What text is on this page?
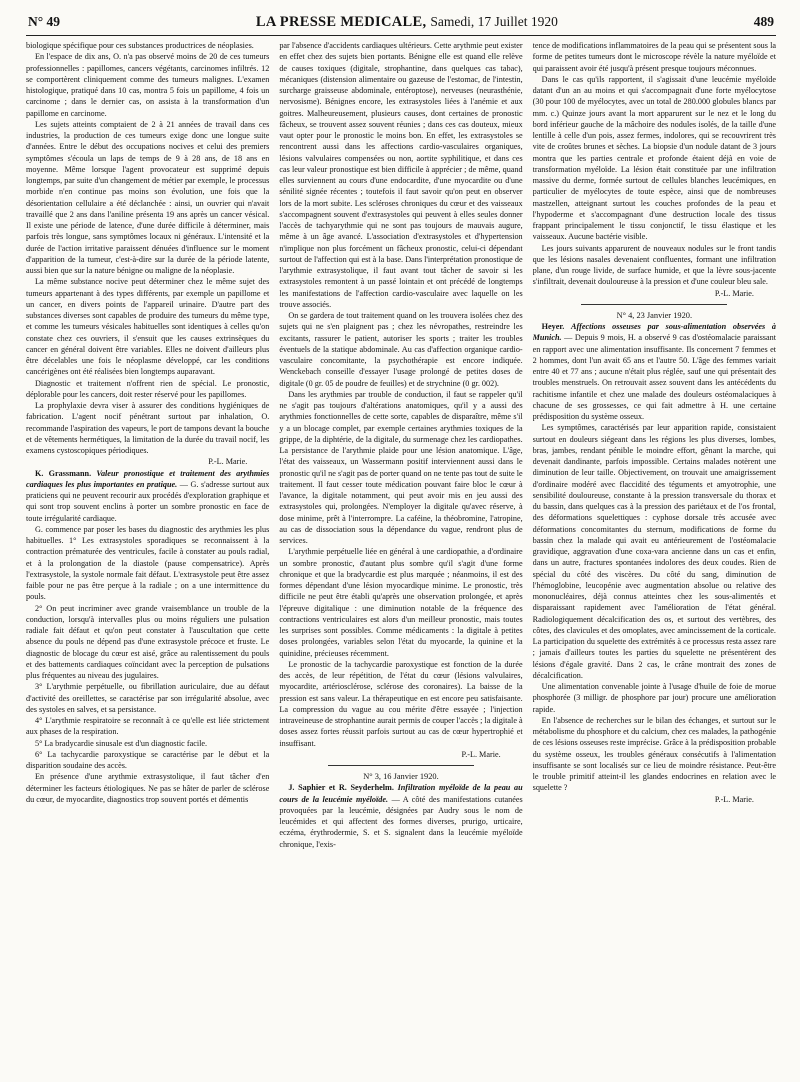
N° 49	LA PRESSE MEDICALE, Samedi, 17 Juillet 1920	489

biologique spécifique pour ces substances productrices de néoplasies.

En l'espace de dix ans, O. n'a pas observé moins de 20 de ces tumeurs professionnelles : papillomes, cancers végétants, carcinomes infiltrés. 12 se comportèrent cliniquement comme des tumeurs malignes. L'examen histologique, pratiqué dans 10 cas, montra 5 fois un papillome, 4 fois un carcinome ; dans le dernier cas, on assista à la transformation d'un papillome en carcinome.

Les sujets atteints comptaient de 2 à 21 années de travail dans ces industries, la production de ces tumeurs exige donc une longue suite d'années. Entre le début des occupations nocives et celui des premiers symptômes s'écoula un laps de temps de 9 à 28 ans, de 18 ans en moyenne. Même lorsque l'agent provocateur est supprimé depuis longtemps, par suite d'un changement de métier par exemple, le processus morbide n'en continue pas moins son évolution, une fois que la désorientation cellulaire a été déclanchée : ainsi, un ouvrier qui n'avait travaillé que 2 ans dans l'aniline présenta 19 ans après un cancer vésical. Il existe une période de latence, d'une durée difficile à déterminer, mais parfois très longue, sans symptômes locaux ni généraux. L'intensité et la durée de l'action irritative paraissent dénuées d'influence sur le moment d'apparition de la tumeur, c'est-à-dire sur la durée de la période latente, aussi bien que sur la nature bénigne ou maligne de la néoplasie.

La même substance nocive peut déterminer chez le même sujet des tumeurs appartenant à des types différents, par exemple un papillome et un cancer, en divers points de l'appareil urinaire. D'autre part des substances diverses sont capables de produire des tumeurs du même type, et comme les tumeurs vésicales habituelles sont identiques à celles qu'on constate chez ces ouvriers, il s'ensuit que les causes extrinsèques du cancer en général doivent être variables. Elles ne doivent d'ailleurs plus être décelables une fois le néoplasme développé, car les conditions cancérigènes ont été réalisées bien longtemps auparavant.

Diagnostic et traitement n'offrent rien de spécial. Le pronostic, déplorable pour les cancers, doit rester réservé pour les papillomes.

La prophylaxie devra viser à assurer des conditions hygiéniques de fabrication. L'agent nocif pénétrant surtout par inhalation, O. recommande l'aspiration des vapeurs, le port de tampons devant la bouche et de vêtements hermétiques, la limitation de la durée du travail nocif, les examens cystoscopiques périodiques.

P.-L. Marie.

K. Grassmann. Valeur pronostique et traitement des arythmies cardiaques les plus importantes en pratique. — G. s'adresse surtout aux praticiens qui ne peuvent recourir aux procédés d'exploration graphique et qui sont trop souvent enclins à porter un sombre pronostic en face de toute irrégularité cardiaque.

G. commence par poser les bases du diagnostic des arythmies les plus habituelles. 1° Les extrasystoles sporadiques se reconnaissent à la contraction prématurée des ventricules, facile à constater au pouls radial, et à la prolongation de la diastole (pause compensatrice). Après l'extrasystole, la systole normale fait défaut. L'extrasystole peut être assez faible pour ne pas être perçue à la radiale ; on a une intermittence du pouls.

2° On peut incriminer avec grande vraisemblance un trouble de la conduction, lorsqu'à intervalles plus ou moins réguliers une pulsation radiale fait défaut et qu'on peut constater à l'auscultation que cette absence du pouls ne dépend pas d'une extrasystole précoce et fruste. Le diagnostic de blocage du cœur est aisé, grâce au ralentissement du pouls et des battements cardiaques coïncidant avec la perception de pulsations plus fréquentes au niveau des jugulaires.

3° L'arythmie perpétuelle, ou fibrillation auriculaire, due au défaut d'activité des oreillettes, se caractérise par son irrégularité absolue, avec des systoles en salves, et sa persistance.

4° L'arythmie respiratoire se reconnaît à ce qu'elle est liée strictement aux phases de la respiration.

5° La bradycardie sinusale est d'un diagnostic facile.

6° La tachycardie paroxystique se caractérise par le début et la disparition soudaine des accès.

En présence d'une arythmie extrasystolique, il faut tâcher d'en déterminer les facteurs étiologiques. Ne pas se hâter de parler de sclérose du cœur, de myocardite, diagnostics trop souvent portés et démentis

par l'absence d'accidents cardiaques ultérieurs. Cette arythmie peut exister en effet chez des sujets bien portants. Bénigne elle est quand elle relève de causes toxiques (digitale, strophantine, dans quelques cas tabac), mécaniques (distension alimentaire ou gazeuse de l'estomac, de l'intestin, surcharge graisseuse abdominale, entéroptose), nerveuses (neurasthénie, nervosisme). Bénignes encore, les extrasystoles liées à l'anémie et aux goitres. Malheureusement, plusieurs causes, dont certaines de pronostic fâcheux, se trouvent assez souvent réunies ; dans ces cas douteux, mieux vaut opter pour le pronostic le moins bon. En effet, les extrasystoles se rencontrent aussi dans les affections cardio-vasculaires organiques, lésions valvulaires compensées ou non, aortite syphilitique, et dans ces cas leur valeur pronostique est bien difficile à apprécier ; de même, quand elles surviennent au cours d'une endocardite, d'une myocardite ou d'une sénilité signée récentes ; toutefois il faut savoir qu'on peut en observer lors de la mort subite. Les scléroses chroniques du cœur et des vaisseaux s'accompagnent souvent d'extrasystoles qui peuvent à elles seules donner l'accès de tachyarythmie qui ne sont pas toujours de mauvais augure, même à un âge avancé. L'association d'extrasystoles et d'hypertension n'implique non plus forcément un fâcheux pronostic, celui-ci dépendant surtout de l'affection qui est à la base. Dans l'interprétation pronostique de l'arythmie extrasystolique, il faut avant tout tâcher de savoir si les extrasystoles remontent à un passé lointain et ont précédé de longtemps les manifestations de l'affection cardio-vasculaire avec laquelle on les trouve associés.

On se gardera de tout traitement quand on les trouvera isolées chez des sujets qui ne s'en plaignent pas ; chez les névropathes, restreindre les excitants, rassurer le patient, autoriser les sports ; traiter les troubles éventuels de la statique abdominale. Au cas d'affection organique cardio-vasculaire concomitante, la psychothérapie est encore indiquée. Wenckebach conseille d'essayer l'usage prolongé de petites doses de digitale (0 gr. 05 de poudre de feuilles) et de strychnine (0 gr. 002).

Dans les arythmies par trouble de conduction, il faut se rappeler qu'il ne s'agit pas toujours d'altérations anatomiques, qu'il y a aussi des arythmies fonctionnelles de cette sorte, capables de disparaître, même s'il y a un blocage complet, par exemple certaines arythmies toxiques de la grippe, de la diphtérie, de la digitale, du surmenage chez les cardiopathes. La persistance de l'arythmie plaide pour une lésion anatomique. L'âge, l'état des vaisseaux, un Wassermann positif interviennent aussi dans le pronostic qu'il ne s'agit pas de porter quand on ne tente pas tout de suite le traitement. Il faut cesser toute médication pouvant faire bloc le cœur à l'avance, la digitale notamment, qui peut avoir mis en jeu aussi des extrasystoles qui, prolongées. N'employer la digitale qu'avec réserve, à dose minime, prêt à l'interrompre. La caféine, la théobromine, l'atropine, au cas de dissociation sous la dépendance du vague, rendront plus de services.

L'arythmie perpétuelle liée en général à une cardiopathie, a d'ordinaire un sombre pronostic, d'autant plus sombre qu'il s'agit d'une forme chronique et que la bradycardie est plus marquée ; néanmoins, il est des formes dépendant d'une lésion myocardique minime. Le pronostic, très difficile ne peut être établi qu'après une observation prolongée, et après l'épreuve digitalique : une diminution notable de la fréquence des contractions ventriculaires est alors d'un meilleur pronostic, mais toutes les surprises sont possibles. Comme médicaments : la digitale à petites doses prolongées, variables selon l'état du myocarde, la quinine et la quinidine, précieuses récemment.

Le pronostic de la tachycardie paroxystique est fonction de la durée des accès, de leur répétition, de l'état du cœur (lésions valvulaires, myocardite, artériosclérose, sclérose des coronaires). La baisse de la pression est sans valeur. La thérapeutique en est encore peu satisfaisante. La compression du vague au cou mérite d'être essayée ; l'injection intraveineuse de strophantine aurait permis de couper l'accès ; la digitale à doses assez fortes réussit parfois surtout au cas de cœur hypertrophié et insuffisant.

P.-L. Marie.

N° 3, 16 Janvier 1920.

J. Saphier et R. Seyderhelm. Infiltration myéloïde de la peau au cours de la leucémie myéloïde. — A côté des manifestations cutanées provoquées par la leucémie, désignées par Audry sous le nom de leucémides et qui affectent des formes diverses, prurigo, urticaire, eczéma, érythrodermie, S. et S. signalent dans la leucémie myéloïde chronique, l'exis-

tence de modifications inflammatoires de la peau qui se présentent sous la forme de petites tumeurs dont le microscope révèle la nature myéloïde et qui paraissent avoir été jusqu'à présent presque toujours méconnues.

Dans le cas qu'ils rapportent, il s'agissait d'une leucémie myéloïde datant d'un an au moins et qui s'accompagnait d'une forte myélocytose (30 pour 100 de myélocytes, avec un total de 280.000 globules blancs par mm. c.) Quinze jours avant la mort apparurent sur le nez et le long du bord inférieur gauche de la mâchoire des nodules isolés, de la taille d'une lentille à celle d'un pois, assez fermes, indolores, qui se recouvrirent très vite de croûtes brunes et sèches. La biopsie d'un nodule datant de 3 jours montra que les parties centrale et profonde étaient déjà en voie de transformation myéloïde. La lésion était constituée par une infiltration massive du derme, formée surtout de cellules blanches leucémiques, en particulier de myélocytes de toute espèce, ainsi que de nombreuses mastzellen, atteignant surtout les couches profondes de la peau et l'hypoderme et s'accompagnant d'une destruction locale des tissus frappant principalement le tissu conjonctif, le tissu élastique et les vaisseaux. Aucune bactérie visible.

Les jours suivants apparurent de nouveaux nodules sur le front tandis que les lésions nasales devenaient confluentes, formant une infiltration plane, d'un rouge livide, de surface humide, et que la lèvre sous-jacente s'infiltrait, devenait douloureuse à la pression et d'une couleur bleu sale.

P.-L. Marie.

N° 4, 23 Janvier 1920.

Heyer. Affections osseuses par sous-alimentation observées à Munich. — Depuis 9 mois, H. a observé 9 cas d'ostéomalacie paraissant en rapport avec une alimentation insuffisante. Ils concernent 7 femmes et 2 hommes, dont l'un avait 65 ans et l'autre 50. L'âge des femmes variait entre 40 et 77 ans ; aucune n'était plus réglée, sauf une qui présentait des troubles menstruels. On retrouvait assez souvent dans les antécédents du rachitisme infantile et chez une malade des douleurs ostéomalaciques à chacune de ses grossesses, ce qui fait admettre à H. une certaine prédisposition du système osseux.

Les symptômes, caractérisés par leur apparition rapide, consistaient surtout en douleurs siégeant dans les régions les plus diverses, lombes, bras, jambes, rendant pénible le moindre effort, gênant la marche, qui devenait dandinante, parfois impossible. Certains malades notèrent une diminution de leur taille. Objectivement, on trouvait une amaigrissement d'ordinaire modéré avec flaccidité des téguments et amyotrophie, une sensibilité douloureuse, constante à la pression transversale du thorax et du bassin, dans quelques cas à la pression des pariétaux et de l'os frontal, des déformations squelettiques : cyphose dorsale très accusée avec déformations concomitantes du sternum, modifications de forme du bassin chez la malade qui avait eu antérieurement de l'ostéomalacie gravidique, aggravation d'une coxa-vara ancienne dans un cas et enfin, dans un autre, fractures spontanées indolores des deux coudes. Rien de spécial du côté des viscères. Du côté du sang, diminution de l'hémoglobine, leucopénie avec augmentation absolue ou relative des mononucléaires, déjà connus atteintes chez les sous-alimentés et disparaissant rapidement avec l'amélioration de l'état général. Radiologiquement décalcification des os, et surtout des vertèbres, des côtes, des clavicules et des omoplates, avec amincissement de la corticale. La participation du squelette des extrémités à ce processus resta assez rare ; jamais d'ailleurs toutes les parties du squelette ne présentèrent des lésions d'égale gravité. Dans 2 cas, le crâne montrait des zones de décalcification.

Une alimentation convenable jointe à l'usage d'huile de foie de morue phosphorée (3 milligr. de phosphore par jour) procure une amélioration rapide.

En l'absence de recherches sur le bilan des échanges, et surtout sur le métabolisme du phosphore et du calcium, chez ces malades, la pathogénie de ces lésions osseuses reste imprécise. Grâce à la prédisposition probable du système osseux, les troubles généraux consécutifs à l'alimentation insuffisante se sont localisés sur ce lieu de moindre résistance. Peut-être le trouble primitif atteint-il les glandes endocrines en relation avec le squelette ?

P.-L. Marie.
